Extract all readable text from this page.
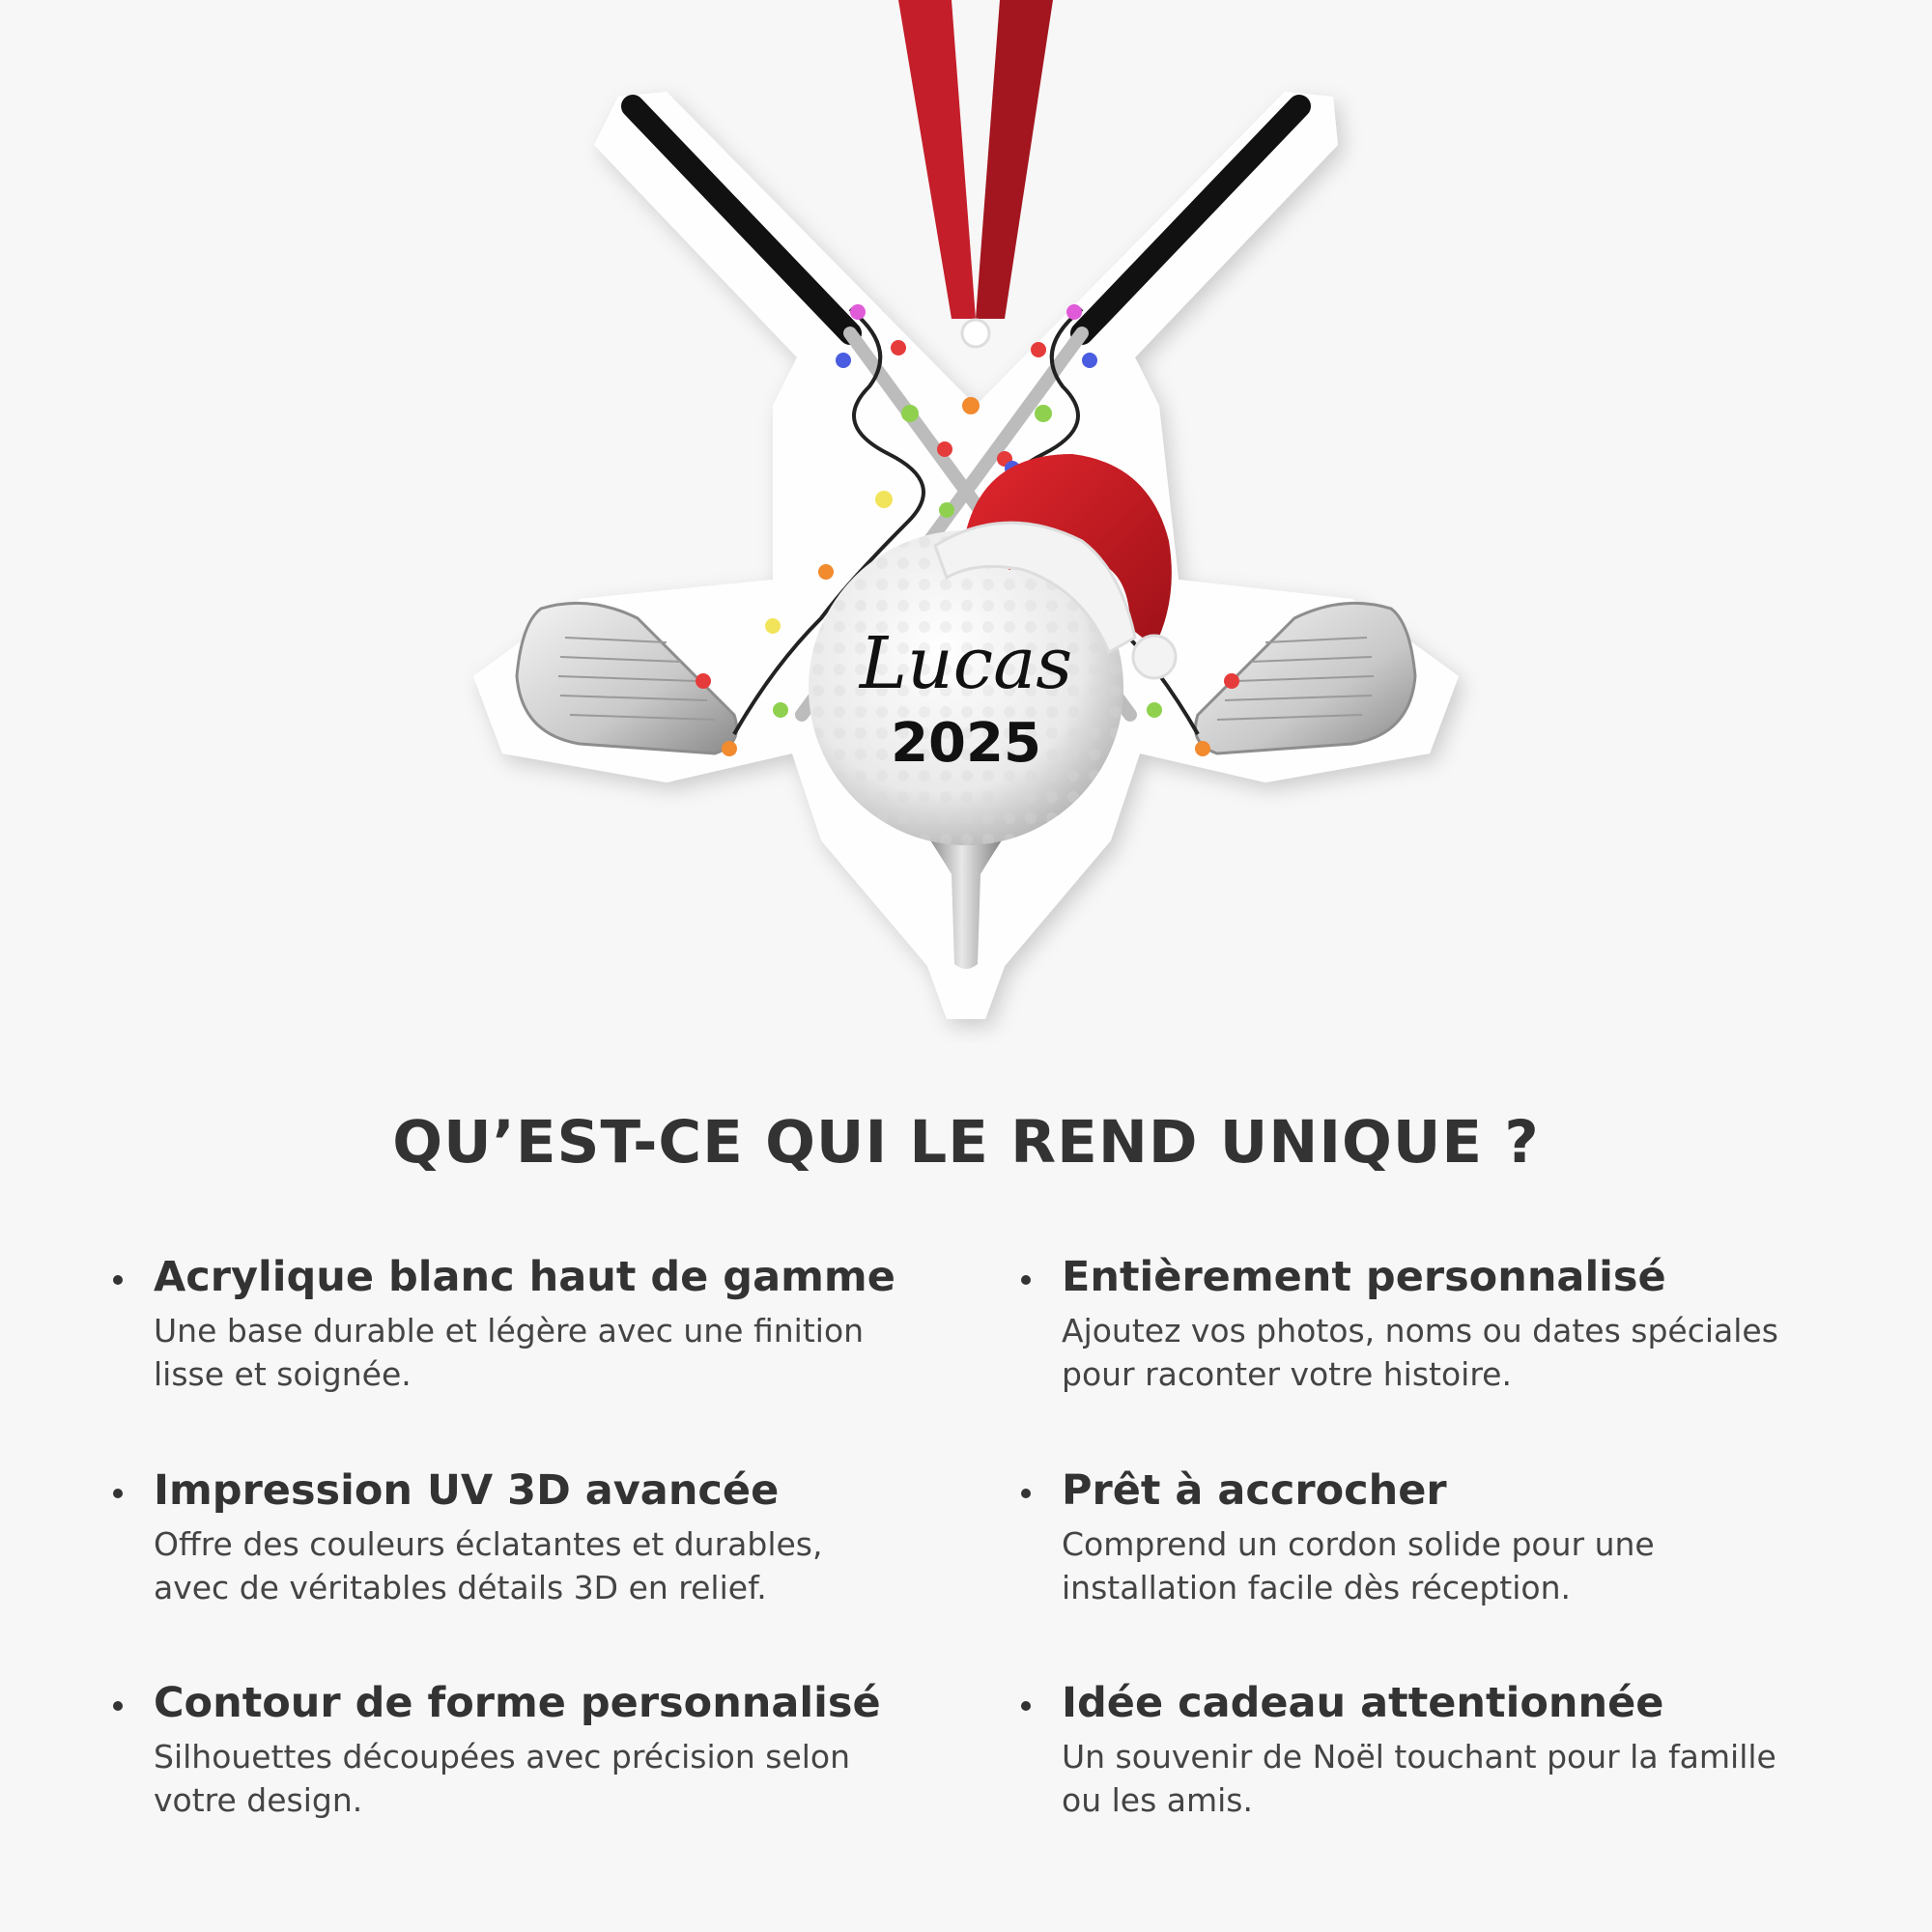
Lucas
2025
QU’EST-CE QUI LE REND UNIQUE ?
Acrylique blanc haut de gamme
Une base durable et légère avec une finition
lisse et soignée.
Entièrement personnalisé
Ajoutez vos photos, noms ou dates spéciales
pour raconter votre histoire.
Impression UV 3D avancée
Offre des couleurs éclatantes et durables,
avec de véritables détails 3D en relief.
Prêt à accrocher
Comprend un cordon solide pour une
installation facile dès réception.
Contour de forme personnalisé
Silhouettes découpées avec précision selon
votre design.
Idée cadeau attentionnée
Un souvenir de Noël touchant pour la famille
ou les amis.
